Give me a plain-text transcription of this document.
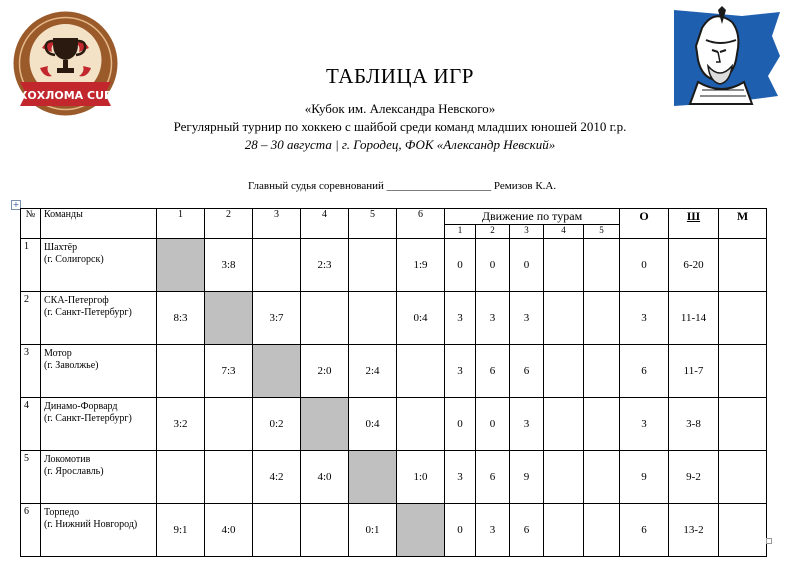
ХОХЛОМА CUP
ТАБЛИЦА ИГР
«Кубок им. Александра Невского»
Регулярный турнир по хоккею с шайбой среди команд младших юношей 2010 г.р.
28 – 30 августа | г. Городец, ФОК «Александр Невский»
Главный судья соревнований ___________________ Ремизов К.А.
+
№	Команды	1	2	3	4	5	6	Движение по турам					О	Ш	М
								1	2	3	4	5			
1	Шахтёр
(г. Солигорск)		3:8		2:3		1:9	0	0	0			0	6-20	
2	СКА-Петергоф
(г. Санкт-Петербург)	8:3		3:7			0:4	3	3	3			3	11-14	
3	Мотор
(г. Заволжье)		7:3		2:0	2:4		3	6	6			6	11-7	
4	Динамо-Форвард
(г. Санкт-Петербург)	3:2		0:2		0:4		0	0	3			3	3-8	
5	Локомотив
(г. Ярославль)			4:2	4:0		1:0	3	6	9			9	9-2	
6	Торпедо
(г. Нижний Новгород)	9:1	4:0			0:1		0	3	6			6	13-2	
